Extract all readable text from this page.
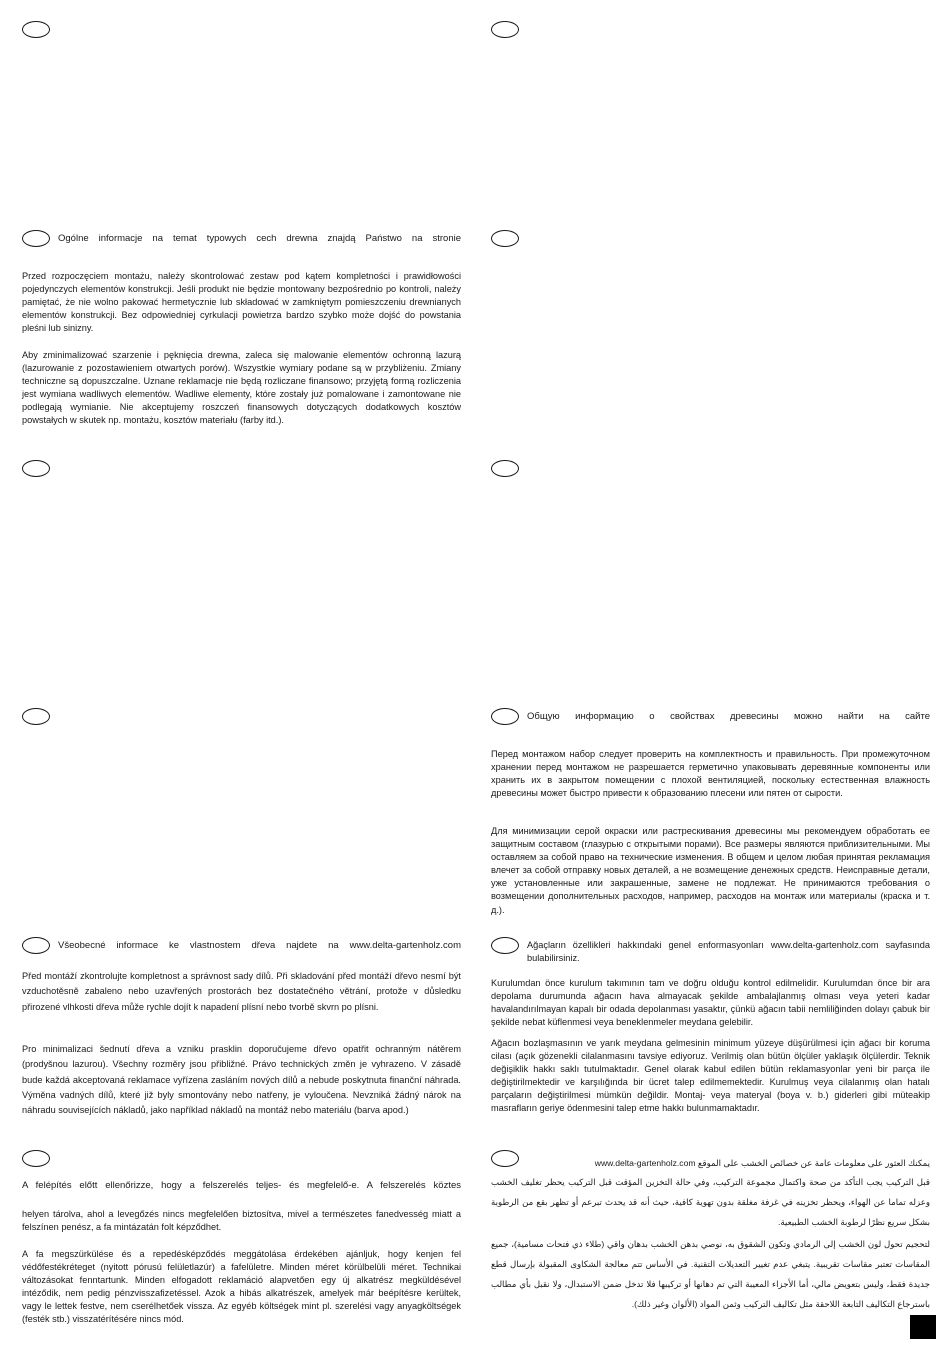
Ogólne informacje na temat typowych cech drewna znajdą Państwo na stronie

Przed rozpoczęciem montażu, należy skontrolować zestaw pod kątem kompletności i prawidłowości pojedynczych elementów konstrukcji. Jeśli produkt nie będzie montowany bezpośrednio po kontroli, należy pamiętać, że nie wolno pakować hermetycznie lub składować w zamkniętym pomieszczeniu drewnianych elementów konstrukcji. Bez odpowiedniej cyrkulacji powietrza bardzo szybko może dojść do powstania pleśni lub sinizny.

Aby zminimalizować szarzenie i pęknięcia drewna, zaleca się malowanie elementów ochronną lazurą (lazurowanie z pozostawieniem otwartych porów). Wszystkie wymiary podane są w przybliżeniu. Zmiany techniczne są dopuszczalne. Uznane reklamacje nie będą rozliczane finansowo; przyjętą formą rozliczenia jest wymiana wadliwych elementów. Wadliwe elementy, które zostały już pomalowane i zamontowane nie podlegają wymianie. Nie akceptujemy roszczeń finansowych dotyczących dodatkowych kosztów powstałych w skutek np. montażu, kosztów materiału (farby itd.).

Общую информацию о свойствах древесины можно найти на сайте

Перед монтажом набор следует проверить на комплектность и правильность. При промежуточном хранении перед монтажом не разрешается герметично упаковывать деревянные компоненты или хранить их в закрытом помещении с плохой вентиляцией, поскольку естественная влажность древесины может быстро привести к образованию плесени или пятен от сырости.

Для минимизации серой окраски или растрескивания древесины мы рекомендуем обработать ее защитным составом (глазурью с открытыми порами). Все размеры являются приблизительными. Мы оставляем за собой право на технические изменения. В общем и целом любая принятая рекламация влечет за собой отправку новых деталей, а не возмещение денежных средств. Неисправные детали, уже установленные или закрашенные, замене не подлежат. Не принимаются требования о возмещении дополнительных расходов, например, расходов на монтаж или материалы (краска и т. д.).

Všeobecné informace ke vlastnostem dřeva najdete na www.delta-gartenholz.com

Před montáží zkontrolujte kompletnost a správnost sady dílů. Při skladování před montáží dřevo nesmí být vzduchotěsně zabaleno nebo uzavřených prostorách bez dostatečného větrání, protože v důsledku přirozené vlhkosti dřeva může rychle dojít k napadení plísní nebo tvorbě skvrn po plísni.

Pro minimalizaci šednutí dřeva a vzniku prasklin doporučujeme dřevo opatřit ochranným nátěrem (prodyšnou lazurou). Všechny rozměry jsou přibližné. Právo technických změn je vyhrazeno. V zásadě bude každá akceptovaná reklamace vyřízena zasláním nových dílů a nebude poskytnuta finanční náhrada. Výměna vadných dílů, které již byly smontovány nebo natřeny, je vyloučena. Nevzniká žádný nárok na náhradu souvisejících nákladů, jako například nákladů na montáž nebo materiálu (barva apod.)

Ağaçların özellikleri hakkındaki genel enformasyonları www.delta-gartenholz.com sayfasında bulabilirsiniz.

Kurulumdan önce kurulum takımının tam ve doğru olduğu kontrol edilmelidir. Kurulumdan önce bir ara depolama durumunda ağacın hava almayacak şekilde ambalajlanmış olması veya yeteri kadar havalandırılmayan kapalı bir odada depolanması yasaktır, çünkü ağacın tabii nemliliğinden dolayı çabuk bir şekilde nebat küflenmesi veya beneklenmeler meydana gelebilir.

Ağacın bozlaşmasının ve yarık meydana gelmesinin minimum yüzeye düşürülmesi için ağacı bir koruma cilası (açık gözenekli cilalanmasını tavsiye ediyoruz. Verilmiş olan bütün ölçüler yaklaşık ölçülerdir. Teknik değişiklik hakkı saklı tutulmaktadır. Genel olarak kabul edilen bütün reklamasyonlar yeni bir parça ile değiştirilmektedir ve karşılığında bir ücret talep edilmemektedir. Kurulmuş veya cilalanmış olan hatalı parçaların değiştirilmesi mümkün değildir. Montaj- veya materyal (boya v. b.) giderleri gibi müteakip masrafların geriye ödenmesini talep etme hakkı bulunmamaktadır.

A felépítés előtt ellenőrizze, hogy a felszerelés teljes- és megfelelő-e. A felszerelés köztes

helyen tárolva, ahol a levegőzés nincs megfelelően biztosítva, mivel a természetes fanedvesség miatt a felszínen penész, a fa mintázatán folt képződhet.

A fa megszürkülése és a repedésképződés meggátolása érdekében ajánljuk, hogy kenjen fel védőfestékréteget (nyitott pórusú felületlazúr) a fafelületre. Minden méret körülbelüli méret. Technikai változásokat fenntartunk. Minden elfogadott reklamáció alapvetően egy új alkatrész megküldésével intéződik, nem pedig pénzvisszafizetéssel. Azok a hibás alkatrészek, amelyek már beépítésre kerültek, vagy le lettek festve, nem cserélhetőek vissza. Az egyéb költségek mint pl. szerelési vagy anyagköltségek (festék stb.) visszatérítésére nincs mód.

يمكنك العثور على معلومات عامة عن خصائص الخشب على الموقع www.delta-gartenholz.com

قبل التركيب يجب التأكد من صحة واكتمال مجموعة التركيب، وفي حالة التخزين المؤقت قبل التركيب يحظر تغليف الخشب وعزله تماما عن الهواء، ويحظر تخزينه في غرفة مغلقة بدون تهوية كافية، حيث أنه قد يحدث تبرعم أو تظهر بقع من الرطوبة بشكل سريع نظرًا لرطوبة الخشب الطبيعية.

لتحجيم تحول لون الخشب إلى الرمادي وتكون الشقوق به، نوصي بدهن الخشب بدهان واقي (طلاء ذي فتحات مسامية)، جميع المقاسات تعتبر مقاسات تقريبية. يتبغي عدم تغيير التعديلات التقنية. في الأساس تتم معالجة الشكاوى المقبولة بإرسال قطع جديدة فقط، وليس بتعويض مالي، أما الأجزاء المعيبة التي تم دهانها أو تركيبها فلا تدخل ضمن الاستبدال، ولا نقبل بأي مطالب باسترجاع التكاليف التابعة اللاحقة مثل تكاليف التركيب وثمن المواد (الألوان وغير ذلك).
